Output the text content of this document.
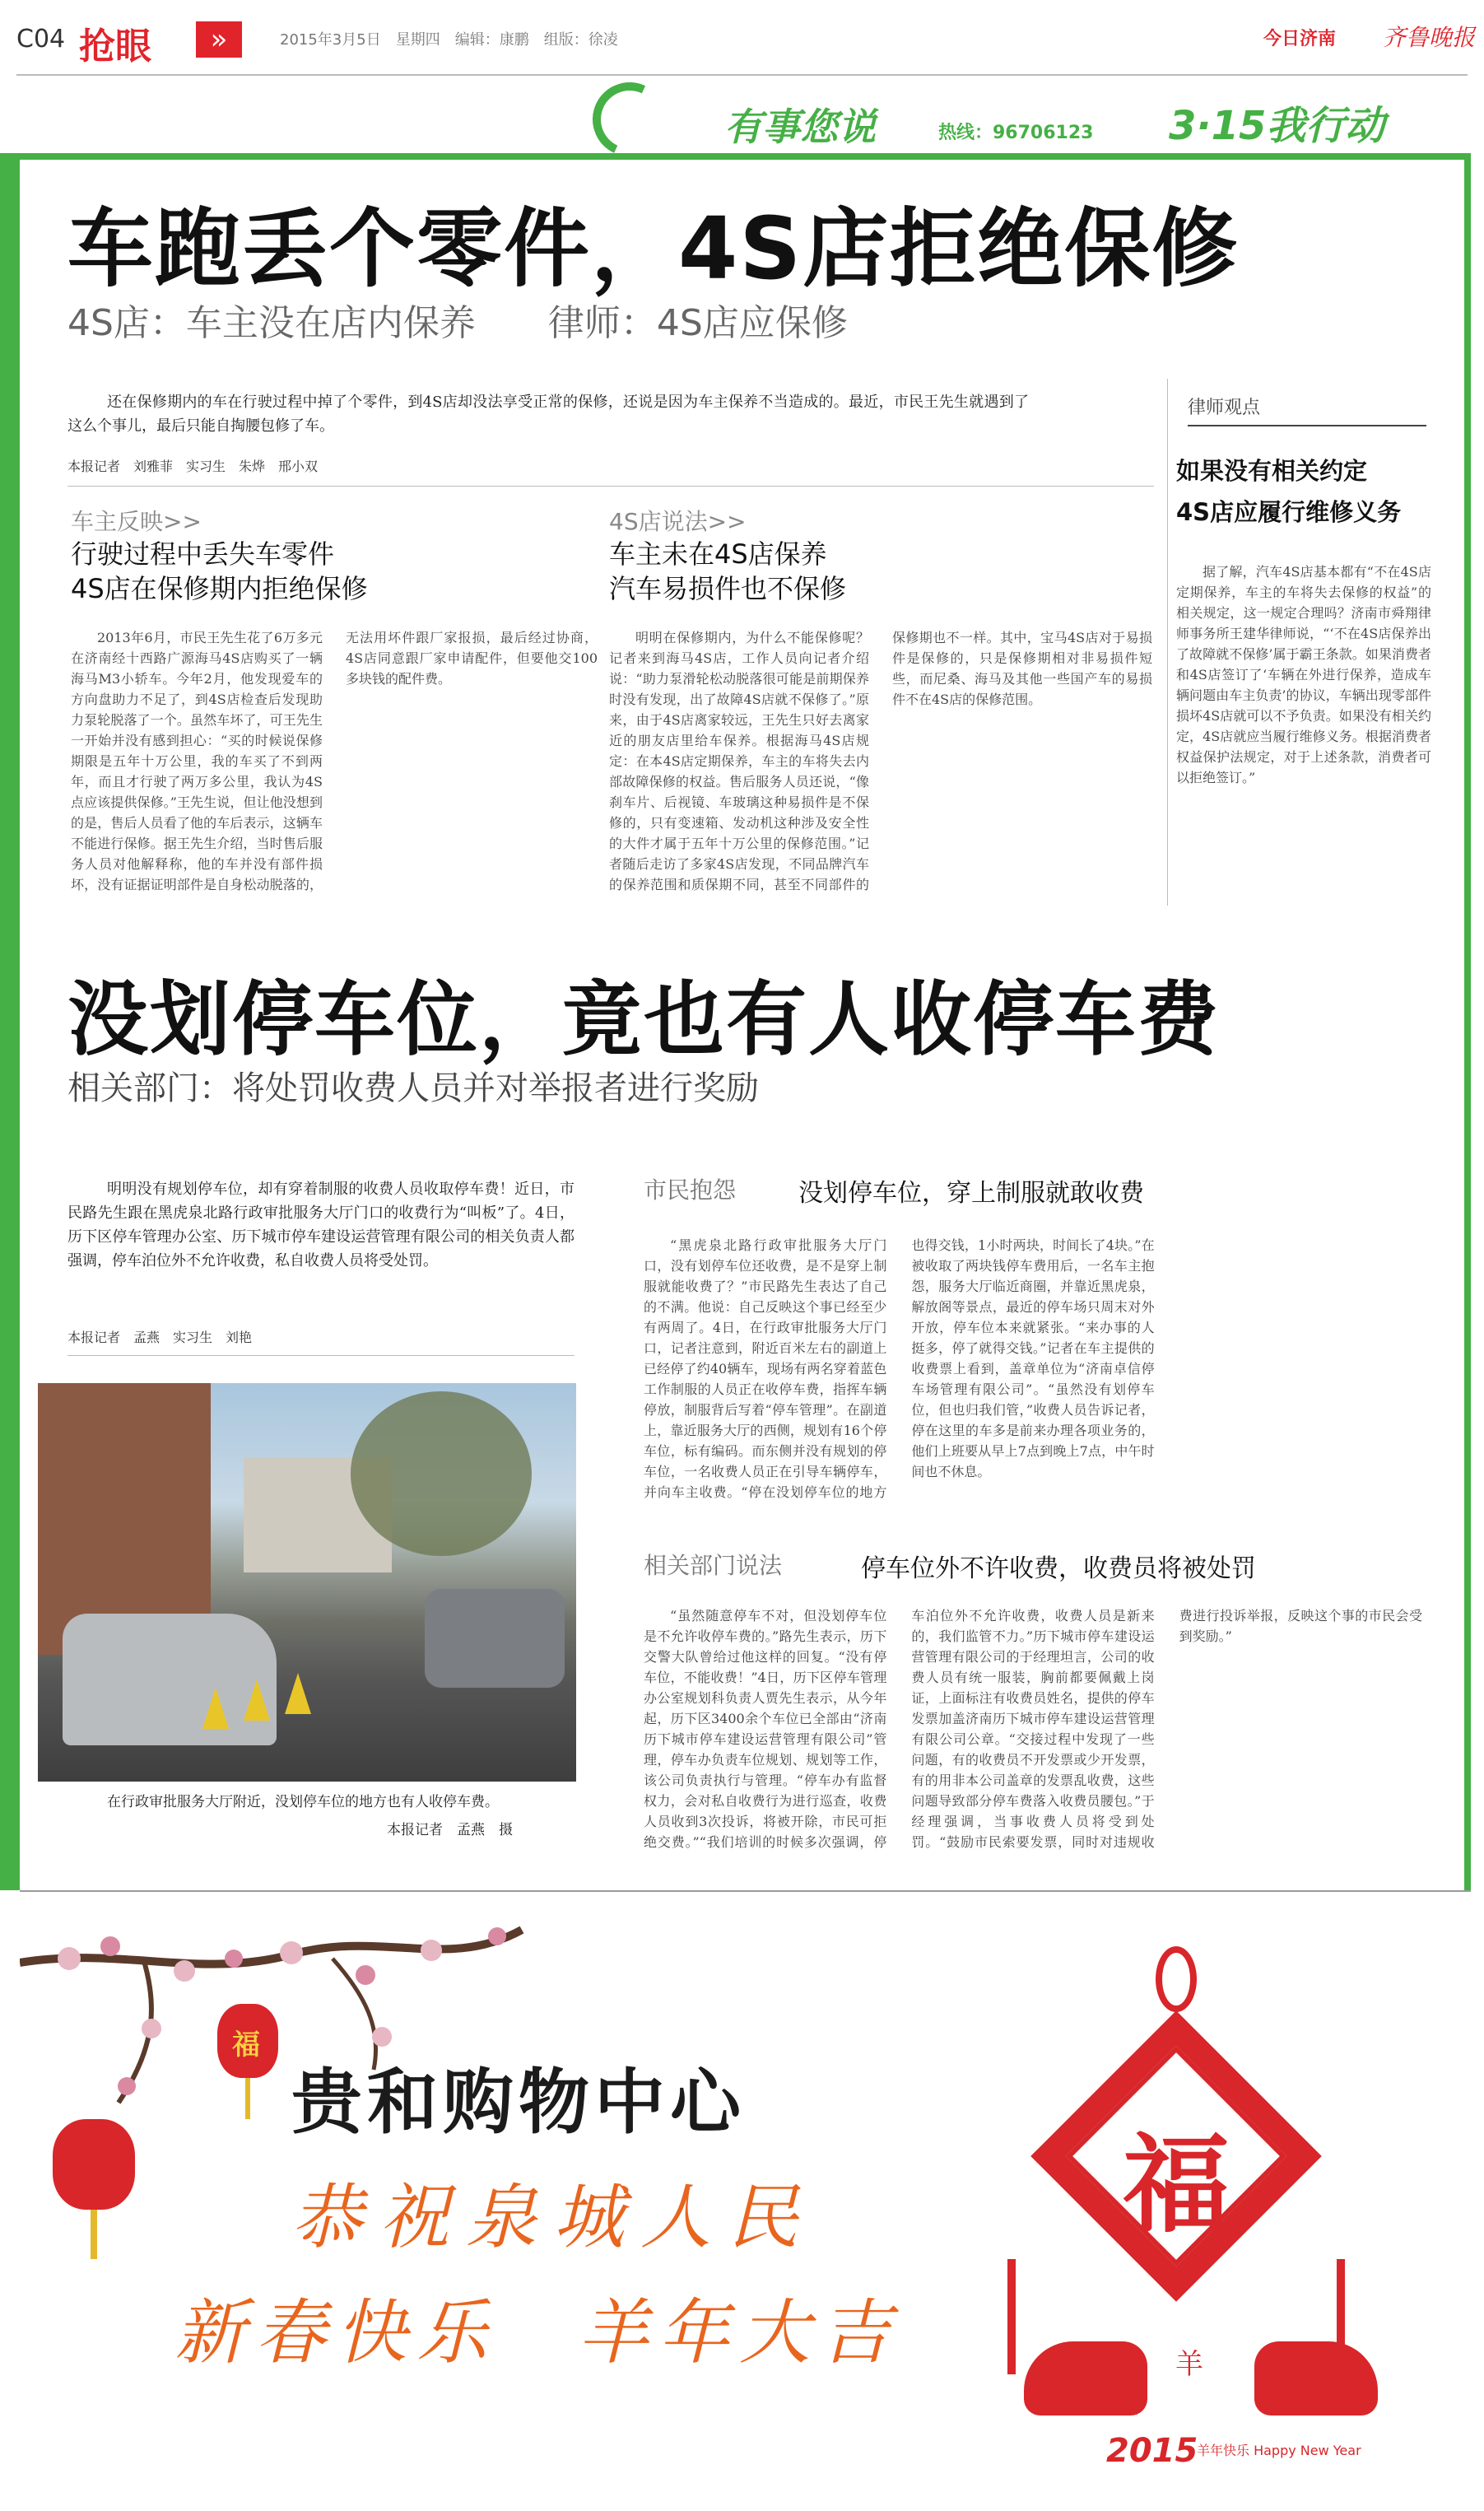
C04 抢眼	»	2015年3月5日　星期四　编辑：康鹏　组版：徐凌	今日济南 齐鲁晚报
有事您说	热线：96706123 3·15我行动
车跑丢个零件，4S店拒绝保修
4S店：车主没在店内保养　　律师：4S店应保修
还在保修期内的车在行驶过程中掉了个零件，到4S店却没法享受正常的保修，还说是因为车主保养不当造成的。最近，市民王先生就遇到了这么个事儿，最后只能自掏腰包修了车。
本报记者　刘雅菲　实习生　朱烨　邢小双
车主反映>>
行驶过程中丢失车零件
4S店在保修期内拒绝保修
2013年6月，市民王先生花了6万多元在济南经十西路广源海马4S店购买了一辆海马M3小轿车。今年2月，他发现爱车的方向盘助力不足了，到4S店检查后发现助力泵轮脱落了一个。虽然车坏了，可王先生一开始并没有感到担心：“买的时候说保修期限是五年十万公里，我的车买了不到两年，而且才行驶了两万多公里，我认为4S点应该提供保修。”王先生说，但让他没想到的是，售后人员看了他的车后表示，这辆车不能进行保修。据王先生介绍，当时售后服务人员对他解释称，他的车并没有部件损坏，没有证据证明部件是自身松动脱落的，无法用坏件跟厂家报损，最后经过协商，4S店同意跟厂家申请配件，但要他交100多块钱的配件费。
4S店说法>>
车主未在4S店保养
汽车易损件也不保修
明明在保修期内，为什么不能保修呢？记者来到海马4S店，工作人员向记者介绍说：“助力泵滑轮松动脱落很可能是前期保养时没有发现，出了故障4S店就不保修了。”原来，由于4S店离家较远，王先生只好去离家近的朋友店里给车保养。根据海马4S店规定：在本4S店定期保养，车主的车将失去内部故障保修的权益。售后服务人员还说，“像刹车片、后视镜、车玻璃这种易损件是不保修的，只有变速箱、发动机这种涉及安全性的大件才属于五年十万公里的保修范围。”记者随后走访了多家4S店发现，不同品牌汽车的保养范围和质保期不同，甚至不同部件的保修期也不一样。其中，宝马4S店对于易损件是保修的，只是保修期相对非易损件短些，而尼桑、海马及其他一些国产车的易损件不在4S店的保修范围。
律师观点
如果没有相关约定
4S店应履行维修义务
据了解，汽车4S店基本都有“不在4S店定期保养，车主的车将失去保修的权益”的相关规定，这一规定合理吗？济南市舜翔律师事务所王建华律师说，“‘不在4S店保养出了故障就不保修’属于霸王条款。如果消费者和4S店签订了‘车辆在外进行保养，造成车辆问题由车主负责’的协议，车辆出现零部件损坏4S店就可以不予负责。如果没有相关约定，4S店就应当履行维修义务。根据消费者权益保护法规定，对于上述条款，消费者可以拒绝签订。”
没划停车位，竟也有人收停车费
相关部门：将处罚收费人员并对举报者进行奖励
明明没有规划停车位，却有穿着制服的收费人员收取停车费！近日，市民路先生跟在黑虎泉北路行政审批服务大厅门口的收费行为“叫板”了。4日，历下区停车管理办公室、历下城市停车建设运营管理有限公司的相关负责人都强调，停车泊位外不允许收费，私自收费人员将受处罚。
本报记者　孟燕　实习生　刘艳
在行政审批服务大厅附近，没划停车位的地方也有人收停车费。
本报记者　孟燕　摄
市民抱怨	没划停车位，穿上制服就敢收费
“黑虎泉北路行政审批服务大厅门口，没有划停车位还收费，是不是穿上制服就能收费了？”市民路先生表达了自己的不满。他说：自己反映这个事已经至少有两周了。4日，在行政审批服务大厅门口，记者注意到，附近百米左右的副道上已经停了约40辆车，现场有两名穿着蓝色工作制服的人员正在收停车费，指挥车辆停放，制服背后写着“停车管理”。在副道上，靠近服务大厅的西侧，规划有16个停车位，标有编码。而东侧并没有规划的停车位，一名收费人员正在引导车辆停车，并向车主收费。“停在没划停车位的地方也得交钱，1小时两块，时间长了4块。”在被收取了两块钱停车费用后，一名车主抱怨，服务大厅临近商圈，并靠近黑虎泉，解放阁等景点，最近的停车场只周末对外开放，停车位本来就紧张。“来办事的人挺多，停了就得交钱。”记者在车主提供的收费票上看到，盖章单位为“济南卓信停车场管理有限公司”。“虽然没有划停车位，但也归我们管，”收费人员告诉记者，停在这里的车多是前来办理各项业务的，他们上班要从早上7点到晚上7点，中午时间也不休息。
相关部门说法	停车位外不许收费，收费员将被处罚
“虽然随意停车不对，但没划停车位是不允许收停车费的。”路先生表示，历下交警大队曾给过他这样的回复。“没有停车位，不能收费！”4日，历下区停车管理办公室规划科负责人贾先生表示，从今年起，历下区3400余个车位已全部由“济南历下城市停车建设运营管理有限公司”管理，停车办负责车位规划、规划等工作，该公司负责执行与管理。“停车办有监督权力，会对私自收费行为进行巡查，收费人员收到3次投诉，将被开除，市民可拒绝交费。”“我们培训的时候多次强调，停车泊位外不允许收费，收费人员是新来的，我们监管不力。”历下城市停车建设运营管理有限公司的于经理坦言，公司的收费人员有统一服装，胸前都要佩戴上岗证，上面标注有收费员姓名，提供的停车发票加盖济南历下城市停车建设运营管理有限公司公章。“交接过程中发现了一些问题，有的收费员不开发票或少开发票，有的用非本公司盖章的发票乱收费，这些问题导致部分停车费落入收费员腰包。”于经理强调，当事收费人员将受到处罚。“鼓励市民索要发票，同时对违规收费进行投诉举报，反映这个事的市民会受到奖励。”
福
贵和购物中心
恭祝泉城人民
新春快乐　羊年大吉
福
羊
2015
羊年快乐 Happy New Year
